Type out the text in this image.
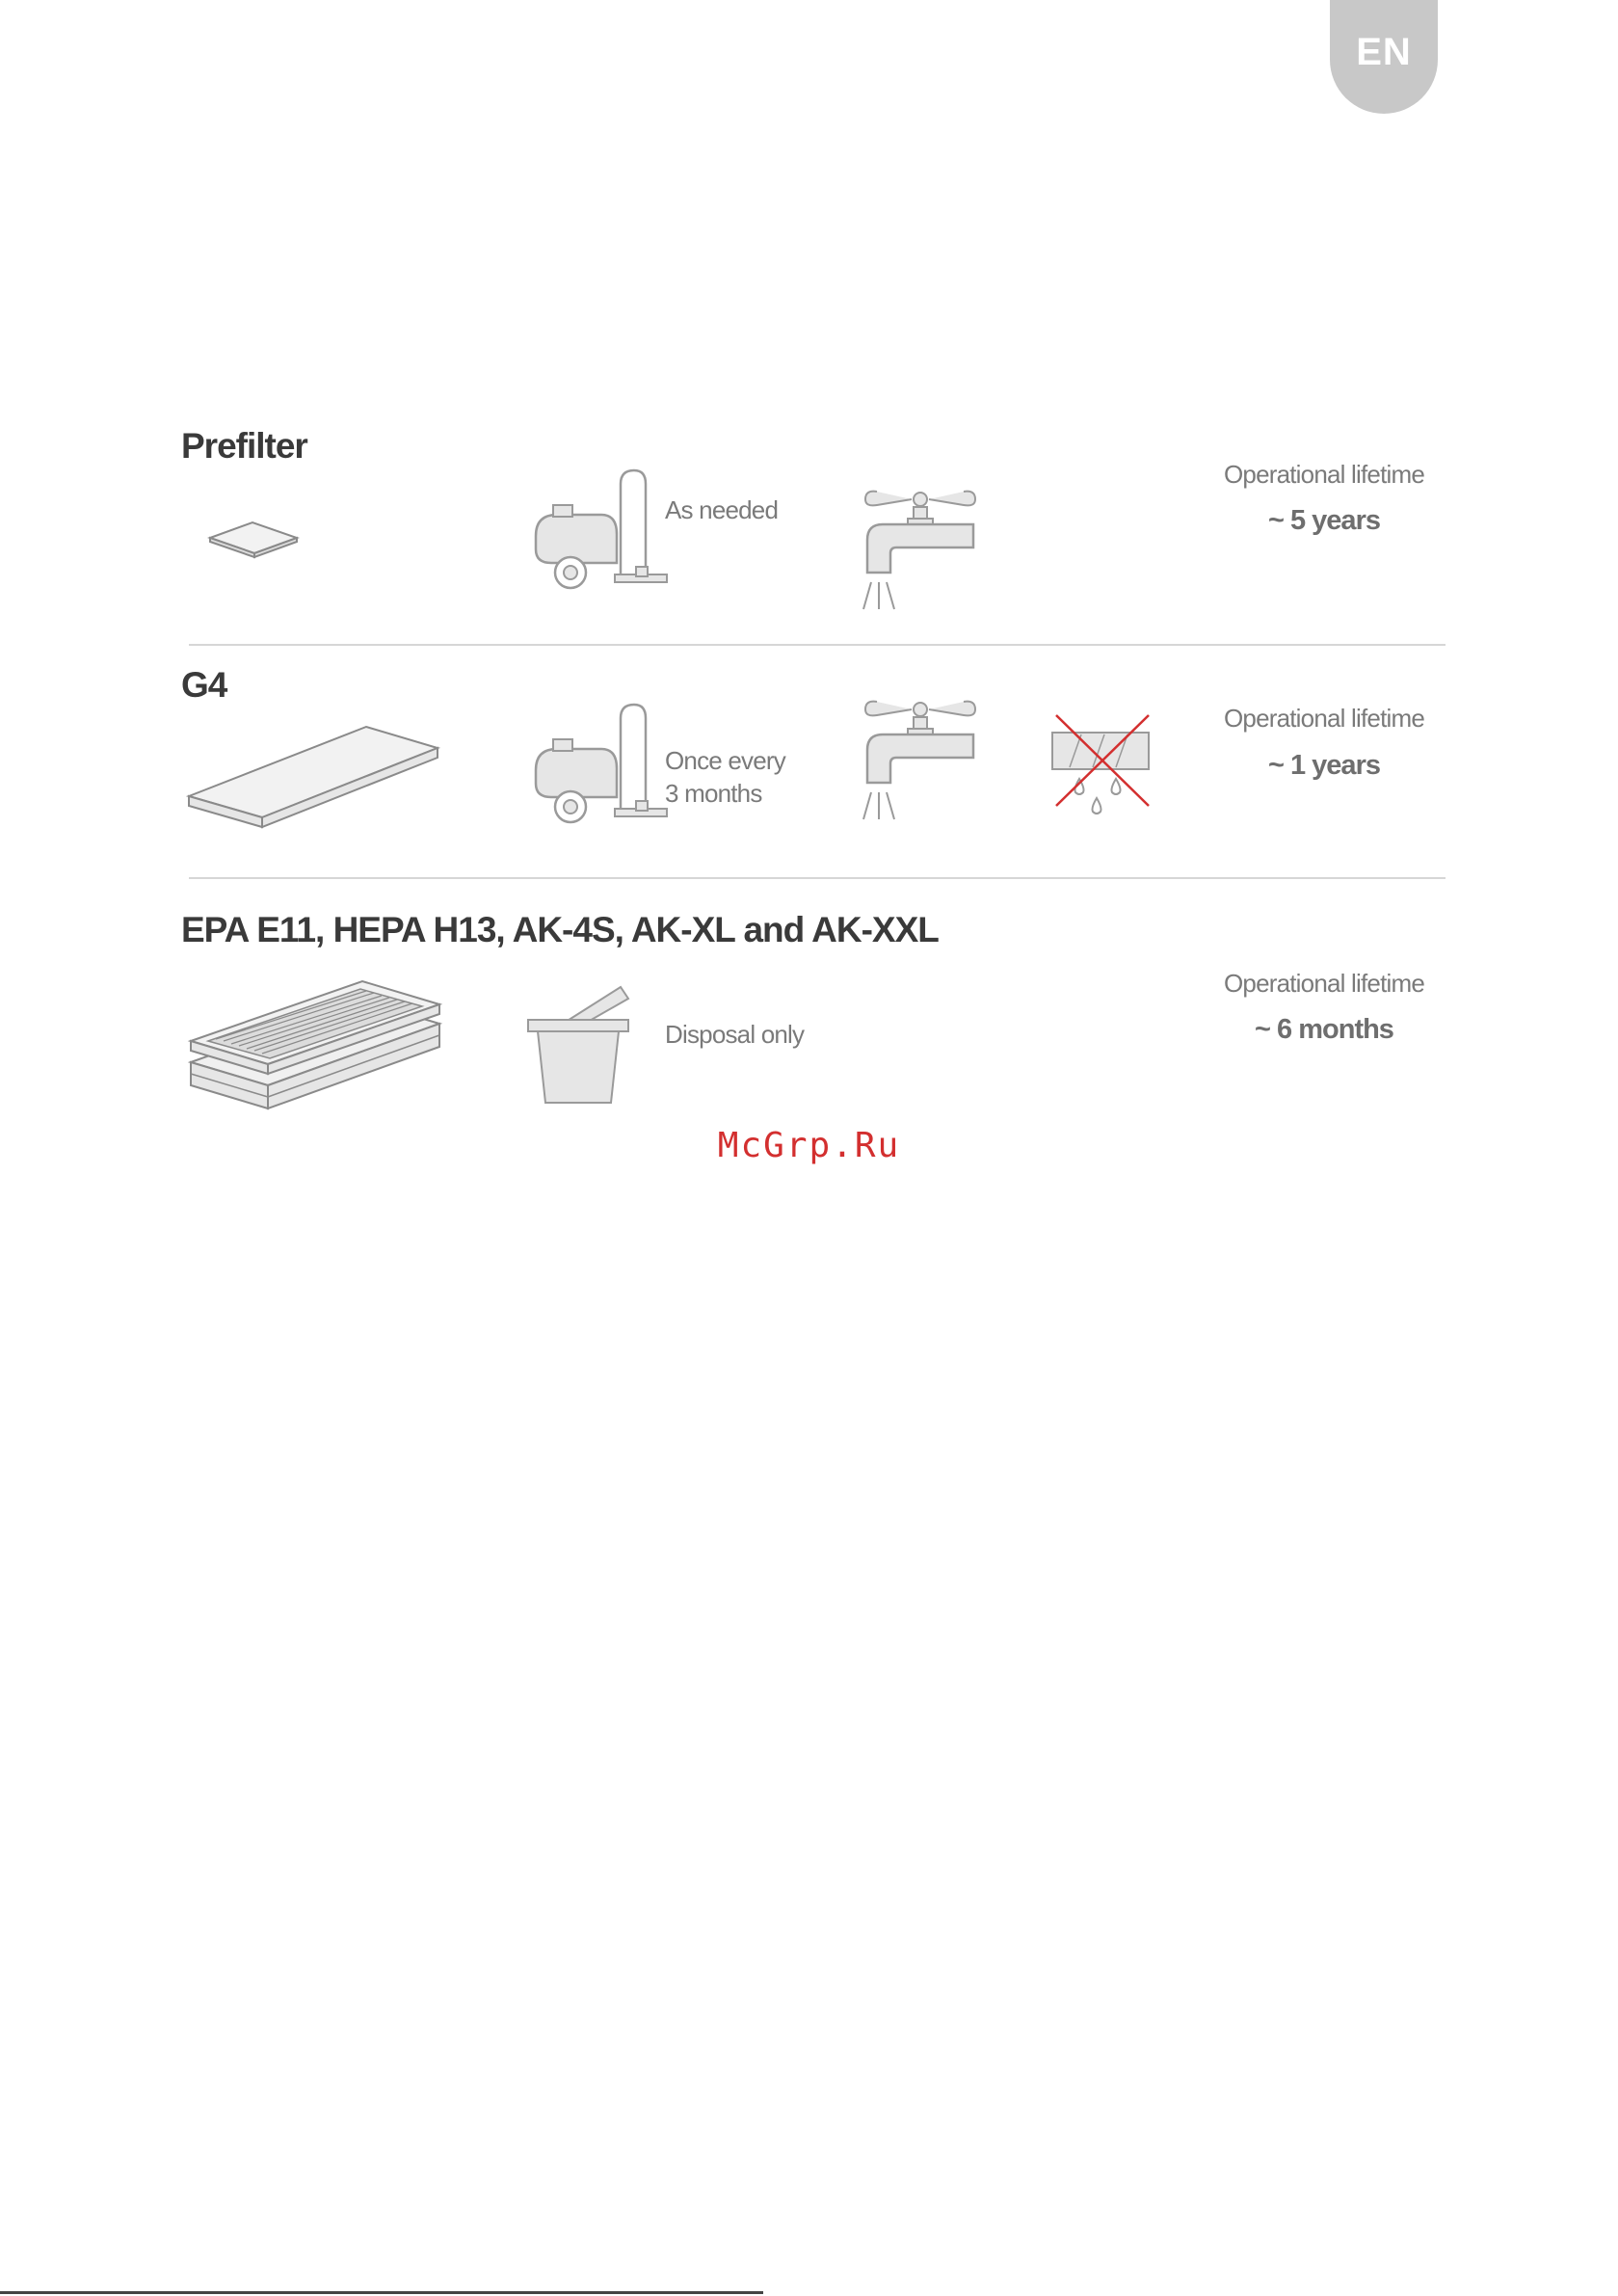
EN
Prefilter
As needed
Operational lifetime
~ 5 years
G4
Once every
3 months
Operational lifetime
~ 1 years
EPA E11, HEPA H13, AK-4S, AK-XL and AK-XXL
Disposal only
Operational lifetime
~ 6 months
McGrp.Ru
